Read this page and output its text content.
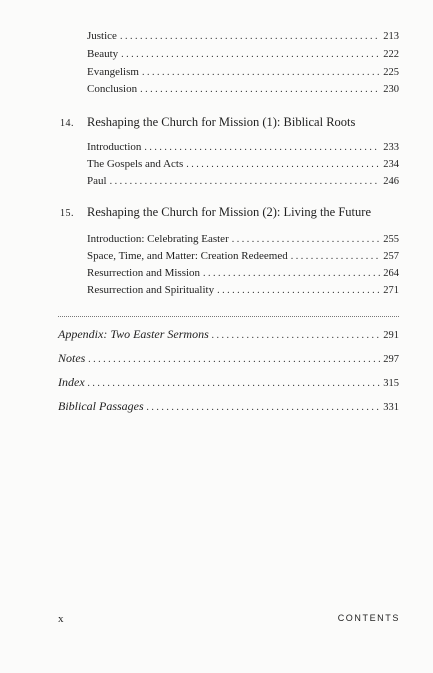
Justice . . .	213
Beauty . . .	222
Evangelism . . .	225
Conclusion . . .	230
14. Reshaping the Church for Mission (1): Biblical Roots
Introduction . . .	233
The Gospels and Acts . . .	234
Paul . . .	246
15. Reshaping the Church for Mission (2): Living the Future
Introduction: Celebrating Easter . . .	255
Space, Time, and Matter: Creation Redeemed . . .	257
Resurrection and Mission . . .	264
Resurrection and Spirituality . . .	271
Appendix: Two Easter Sermons . . .	291
Notes . . .	297
Index . . .	315
Biblical Passages . . .	331
x	CONTENTS
